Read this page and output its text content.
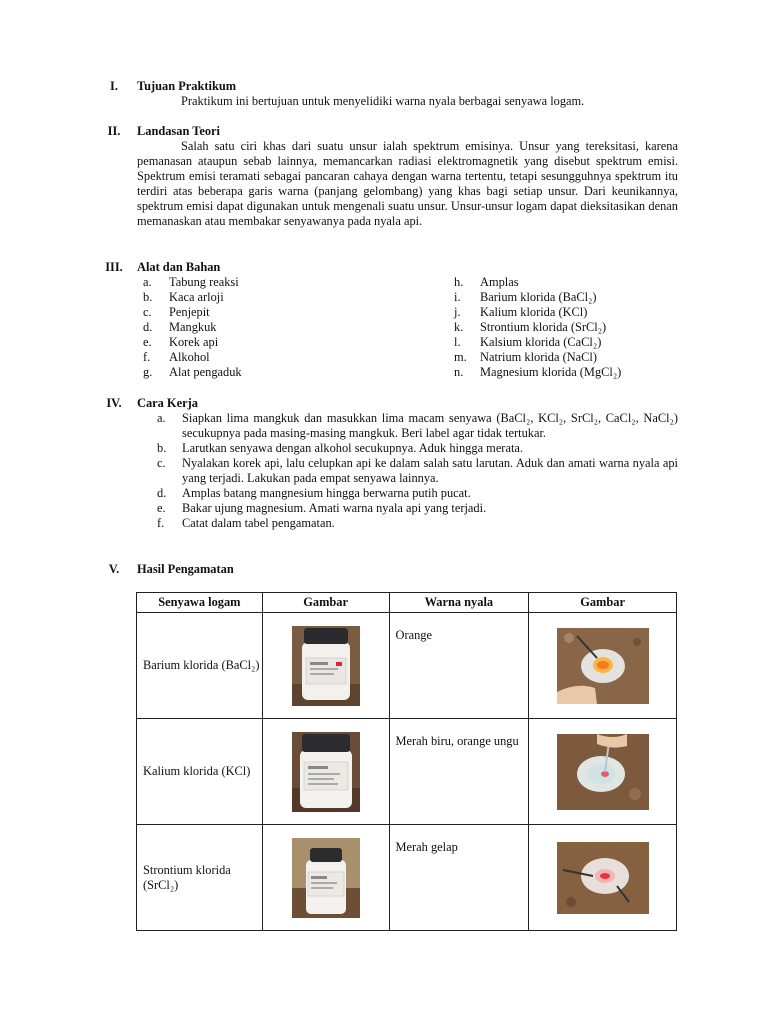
I.	Tujuan Praktikum
Praktikum ini bertujuan untuk menyelidiki warna nyala berbagai senyawa logam.
II.	Landasan Teori
Salah satu ciri khas dari suatu unsur ialah spektrum emisinya. Unsur yang tereksitasi, karena pemanasan ataupun sebab lainnya, memancarkan radiasi elektromagnetik yang disebut spektrum emisi. Spektrum emisi teramati sebagai pancaran cahaya dengan warna tertentu, tetapi sesungguhnya spektrum itu terdiri atas beberapa garis warna (panjang gelombang) yang khas bagi setiap unsur. Dari keunikannya, spektrum emisi dapat digunakan untuk mengenali suatu unsur. Unsur-unsur logam dapat dieksitasikan denan memanaskan atau membakar senyawanya pada nyala api.
III.	Alat dan Bahan
a.	Tabung reaksi
b.	Kaca arloji
c.	Penjepit
d.	Mangkuk
e.	Korek api
f.	Alkohol
g.	Alat pengaduk
h.	Amplas
i.	Barium klorida (BaCl₂)
j.	Kalium klorida (KCl)
k.	Strontium klorida (SrCl₂)
l.	Kalsium klorida (CaCl₂)
m.	Natrium klorida (NaCl)
n.	Magnesium klorida (MgCl₂)
IV.	Cara Kerja
a. Siapkan lima mangkuk dan masukkan lima macam senyawa (BaCl₂, KCl₂, SrCl₂, CaCl₂, NaCl₂) secukupnya pada masing-masing mangkuk. Beri label agar tidak tertukar.
b. Larutkan senyawa dengan alkohol secukupnya. Aduk hingga merata.
c. Nyalakan korek api, lalu celupkan api ke dalam salah satu larutan. Aduk dan amati warna nyala api yang terjadi. Lakukan pada empat senyawa lainnya.
d. Amplas batang mangnesium hingga berwarna putih pucat.
e. Bakar ujung magnesium. Amati warna nyala api yang terjadi.
f. Catat dalam tabel pengamatan.
V.	Hasil Pengamatan
Senyawa logam	Gambar	Warna nyala	Gambar
Barium klorida (BaCl₂)		Orange	
Kalium klorida (KCl)		Merah biru, orange ungu	
Strontium klorida (SrCl₂)		Merah gelap	
